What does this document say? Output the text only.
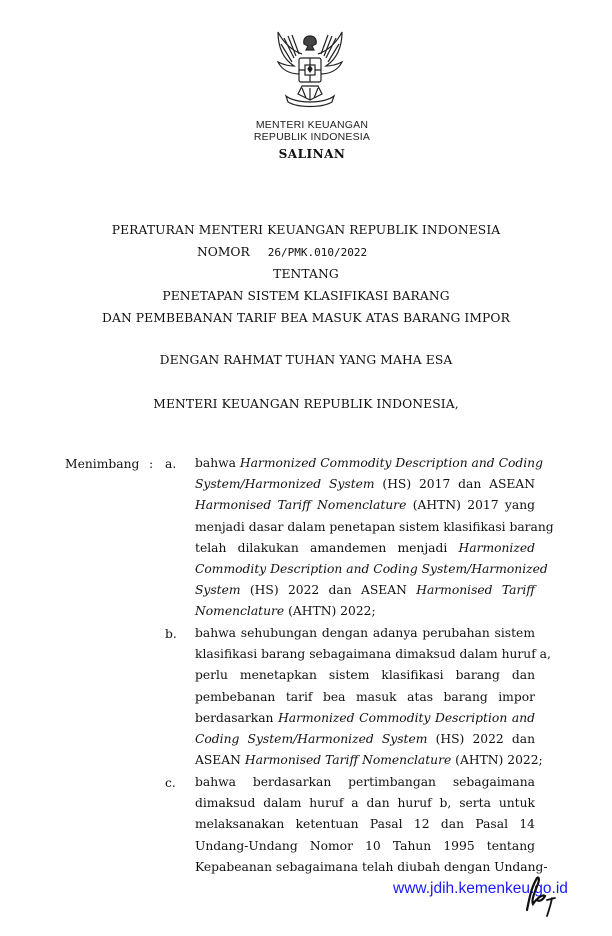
MENTERI KEUANGAN
REPUBLIK INDONESIA
SALINAN
PERATURAN MENTERI KEUANGAN REPUBLIK INDONESIA
NOMOR 26/PMK.010/2022
TENTANG
PENETAPAN SISTEM KLASIFIKASI BARANG
DAN PEMBEBANAN TARIF BEA MASUK ATAS BARANG IMPOR
DENGAN RAHMAT TUHAN YANG MAHA ESA
MENTERI KEUANGAN REPUBLIK INDONESIA,
Menimbang : a. bahwa Harmonized Commodity Description and Coding
System/Harmonized System (HS) 2017 dan ASEAN
Harmonised Tariff Nomenclature (AHTN) 2017 yang
menjadi dasar dalam penetapan sistem klasifikasi barang
telah dilakukan amandemen menjadi Harmonized
Commodity Description and Coding System/Harmonized
System (HS) 2022 dan ASEAN Harmonised Tariff
Nomenclature (AHTN) 2022;
b. bahwa sehubungan dengan adanya perubahan sistem
klasifikasi barang sebagaimana dimaksud dalam huruf a,
perlu menetapkan sistem klasifikasi barang dan
pembebanan tarif bea masuk atas barang impor
berdasarkan Harmonized Commodity Description and
Coding System/Harmonized System (HS) 2022 dan
ASEAN Harmonised Tariff Nomenclature (AHTN) 2022;
c. bahwa berdasarkan pertimbangan sebagaimana
dimaksud dalam huruf a dan huruf b, serta untuk
melaksanakan ketentuan Pasal 12 dan Pasal 14
Undang-Undang Nomor 10 Tahun 1995 tentang
Kepabeanan sebagaimana telah diubah dengan Undang-
www.jdih.kemenkeu.go.id
